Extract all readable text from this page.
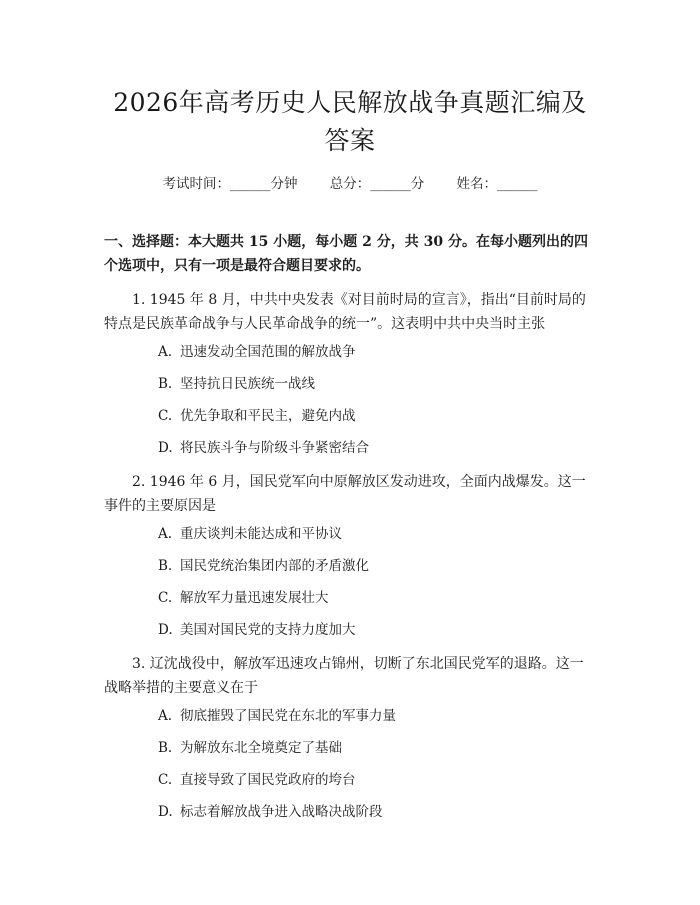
2026年高考历史人民解放战争真题汇编及答案
考试时间：______分钟 总分：______分 姓名：______
一、选择题：本大题共 15 小题，每小题 2 分，共 30 分。在每小题列出的四个选项中，只有一项是最符合题目要求的。
1. 1945 年 8 月，中共中央发表《对目前时局的宣言》，指出“目前时局的特点是民族革命战争与人民革命战争的统一”。这表明中共中央当时主张
A. 迅速发动全国范围的解放战争
B. 坚持抗日民族统一战线
C. 优先争取和平民主，避免内战
D. 将民族斗争与阶级斗争紧密结合
2. 1946 年 6 月，国民党军向中原解放区发动进攻，全面内战爆发。这一事件的主要原因是
A. 重庆谈判未能达成和平协议
B. 国民党统治集团内部的矛盾激化
C. 解放军力量迅速发展壮大
D. 美国对国民党的支持力度加大
3. 辽沈战役中，解放军迅速攻占锦州，切断了东北国民党军的退路。这一战略举措的主要意义在于
A. 彻底摧毁了国民党在东北的军事力量
B. 为解放东北全境奠定了基础
C. 直接导致了国民党政府的垮台
D. 标志着解放战争进入战略决战阶段
